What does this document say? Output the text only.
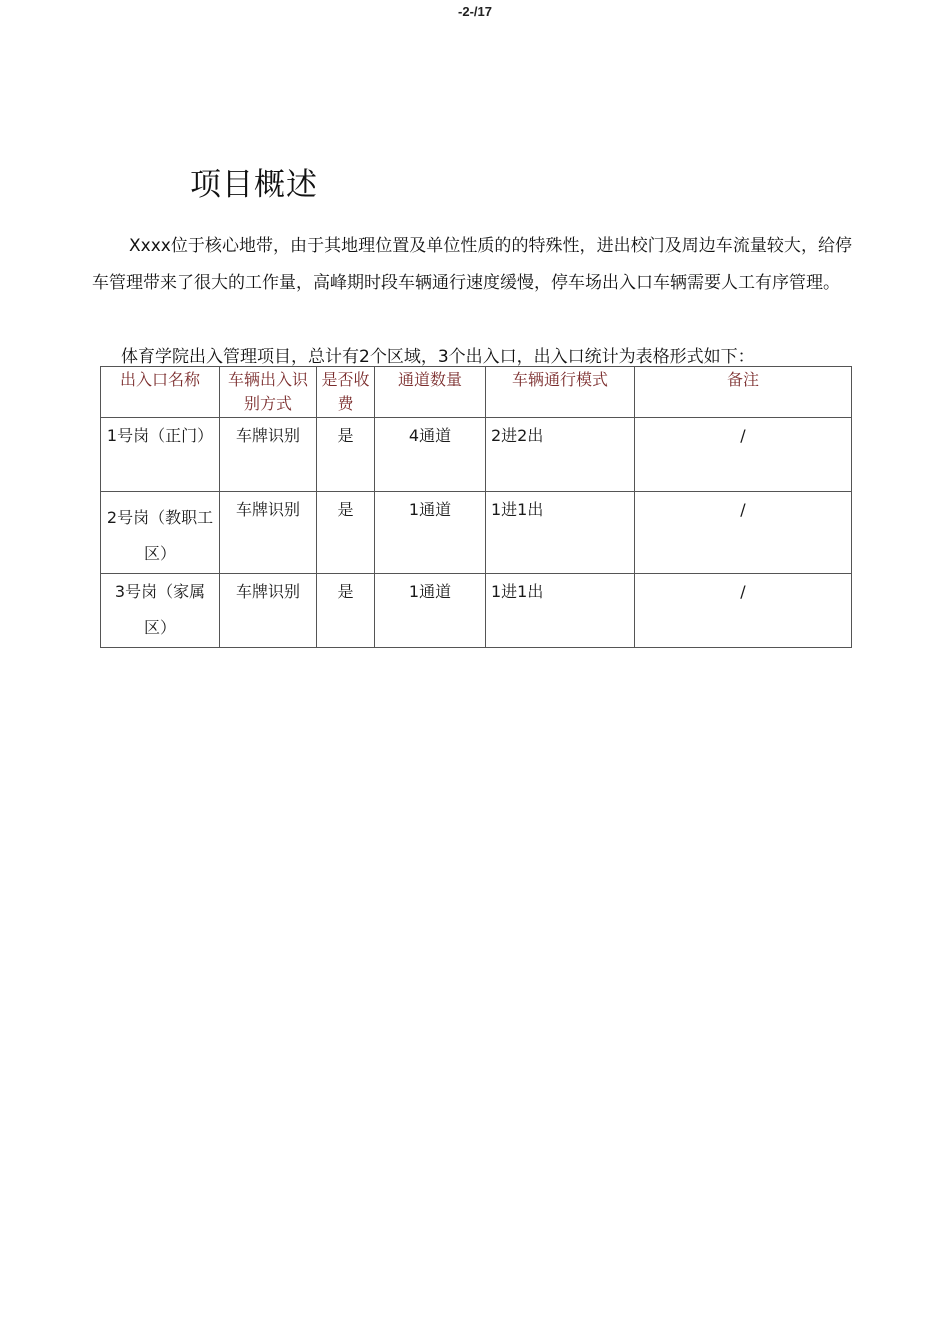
-2-/17
项目概述

Xxxx位于核心地带，由于其地理位置及单位性质的的特殊性，进出校门及周边车流量较大，给停车管理带来了很大的工作量，高峰期时段车辆通行速度缓慢，停车场出入口车辆需要人工有序管理。

体育学院出入管理项目，总计有2个区域，3个出入口，出入口统计为表格形式如下：

出入口名称	车辆出入识别方式	是否收费	通道数量	车辆通行模式	备注
1号岗（正门）	车牌识别	是	4通道	2进2出	/
2号岗（教职工区）	车牌识别	是	1通道	1进1出	/
3号岗（家属区）	车牌识别	是	1通道	1进1出	/
